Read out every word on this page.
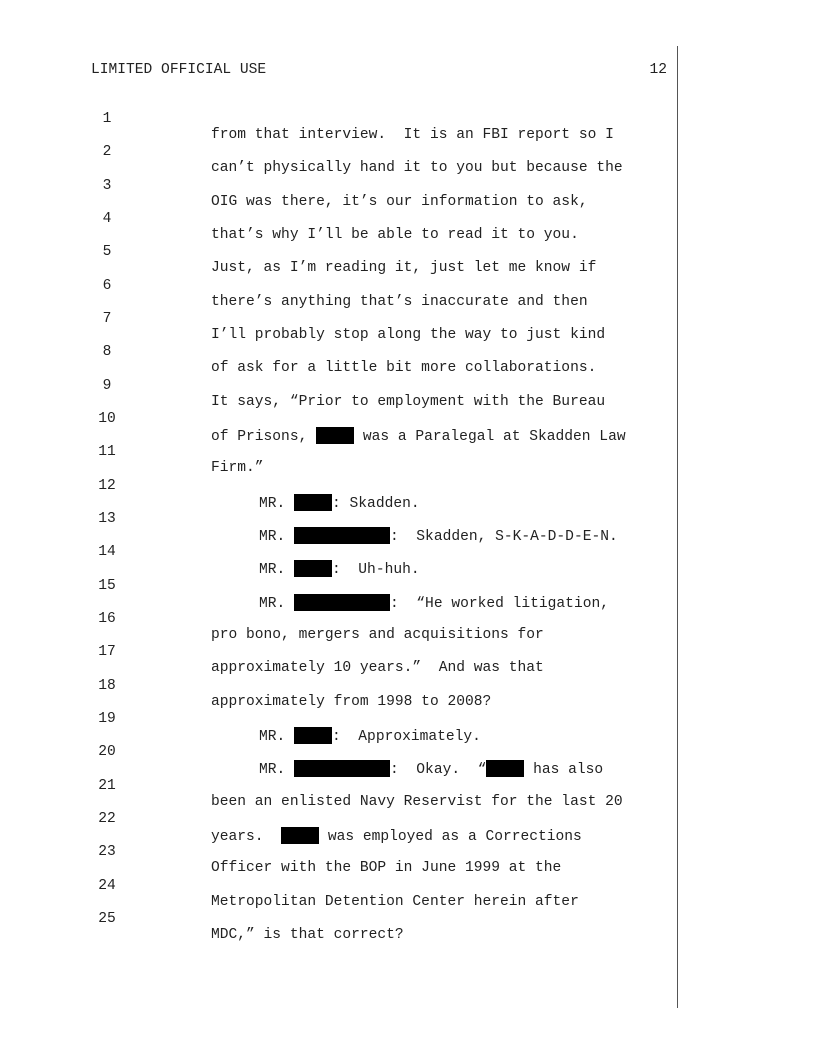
LIMITED OFFICIAL USE	12

1

from that interview.  It is an FBI report so I

2

can’t physically hand it to you but because the

3

OIG was there, it’s our information to ask,

4

that’s why I’ll be able to read it to you.

5

Just, as I’m reading it, just let me know if

6

there’s anything that’s inaccurate and then

7

I’ll probably stop along the way to just kind

8

of ask for a little bit more collaborations.

9

It says, “Prior to employment with the Bureau

10

of Prisons,	was a Paralegal at Skadden Law

11

Firm.”

12

MR.	: Skadden.

13

MR.	:  Skadden, S-K-A-D-D-E-N.

14

MR.	:  Uh-huh.

15

MR.	:  “He worked litigation,

16

pro bono, mergers and acquisitions for

17

approximately 10 years.”  And was that

18

approximately from 1998 to 2008?

19

MR.	:  Approximately.

20

MR.	:  Okay.  “	has also

21

been an enlisted Navy Reservist for the last 20

22

years.	was employed as a Corrections

23

Officer with the BOP in June 1999 at the

24

Metropolitan Detention Center herein after

25

MDC,” is that correct?
